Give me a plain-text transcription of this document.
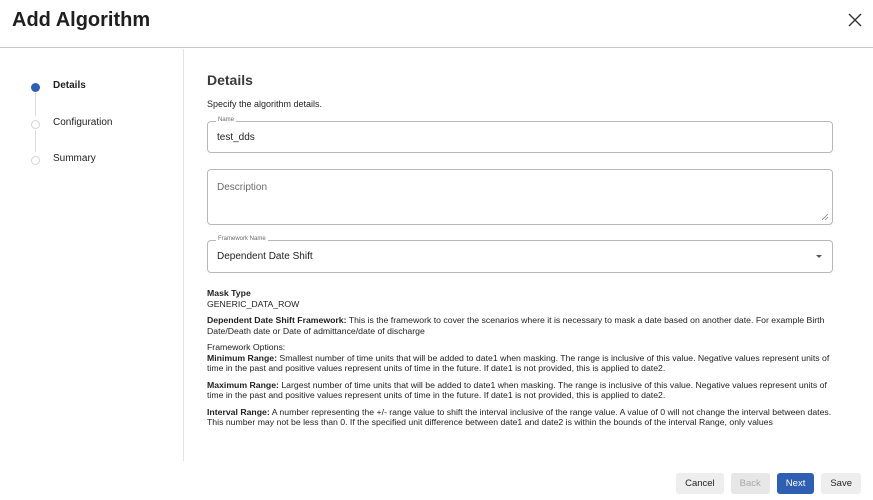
Add Algorithm
Details
Configuration
Summary
Details
Specify the algorithm details.
Name
test_dds
Description
Framework Name
Dependent Date Shift

Mask Type
GENERIC_DATA_ROW

Dependent Date Shift Framework: This is the framework to cover the scenarios where it is necessary to mask a date based on another date. For example Birth Date/Death date or Date of admittance/date of discharge

Framework Options:
Minimum Range: Smallest number of time units that will be added to date1 when masking. The range is inclusive of this value. Negative values represent units of time in the past and positive values represent units of time in the future. If date1 is not provided, this is applied to date2.

Maximum Range: Largest number of time units that will be added to date1 when masking. The range is inclusive of this value. Negative values represent units of time in the past and positive values represent units of time in the future. If date1 is not provided, this is applied to date2.

Interval Range: A number representing the +/- range value to shift the interval inclusive of the range value. A value of 0 will not change the interval between dates. This number may not be less than 0. If the specified unit difference between date1 and date2 is within the bounds of the interval Range, only values

Cancel	Back	Next	Save
